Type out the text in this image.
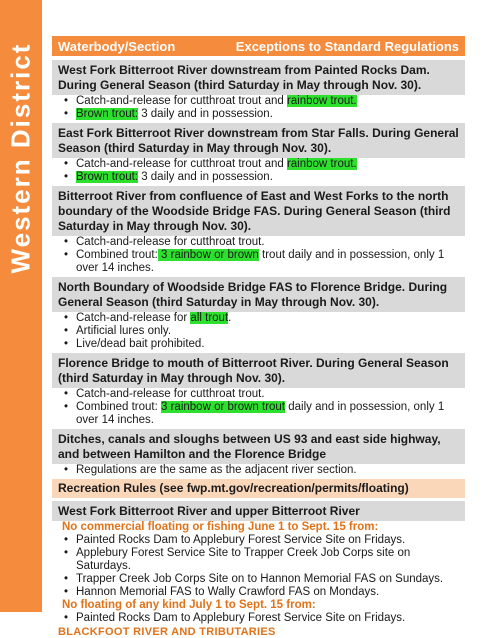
Western District
If you don't find the water you are looking for, use the Standard Daily & Possession Limits on p 25.
Waterbody/Section	Exceptions to Standard Regulations
West Fork Bitterroot River downstream from Painted Rocks Dam. During General Season (third Saturday in May through Nov. 30).
• Catch-and-release for cutthroat trout and rainbow trout.
• Brown trout: 3 daily and in possession.
East Fork Bitterroot River downstream from Star Falls. During General Season (third Saturday in May through Nov. 30).
• Catch-and-release for cutthroat trout and rainbow trout.
• Brown trout: 3 daily and in possession.
Bitterroot River from confluence of East and West Forks to the north boundary of the Woodside Bridge FAS. During General Season (third Saturday in May through Nov. 30).
• Catch-and-release for cutthroat trout.
• Combined trout: 3 rainbow or brown trout daily and in possession, only 1 over 14 inches.
North Boundary of Woodside Bridge FAS to Florence Bridge. During General Season (third Saturday in May through Nov. 30).
• Catch-and-release for all trout.
• Artificial lures only.
• Live/dead bait prohibited.
Florence Bridge to mouth of Bitterroot River. During General Season (third Saturday in May through Nov. 30).
• Catch-and-release for cutthroat trout.
• Combined trout: 3 rainbow or brown trout daily and in possession, only 1 over 14 inches.
Ditches, canals and sloughs between US 93 and east side highway, and between Hamilton and the Florence Bridge
• Regulations are the same as the adjacent river section.
Recreation Rules (see fwp.mt.gov/recreation/permits/floating)
West Fork Bitterroot River and upper Bitterroot River
No commercial floating or fishing June 1 to Sept. 15 from:
• Painted Rocks Dam to Applebury Forest Service Site on Fridays.
• Applebury Forest Service Site to Trapper Creek Job Corps site on Saturdays.
• Trapper Creek Job Corps Site on to Hannon Memorial FAS on Sundays.
• Hannon Memorial FAS to Wally Crawford FAS on Mondays.
No floating of any kind July 1 to Sept. 15 from:
• Painted Rocks Dam to Applebury Forest Service Site on Fridays.
BLACKFOOT RIVER AND TRIBUTARIES
